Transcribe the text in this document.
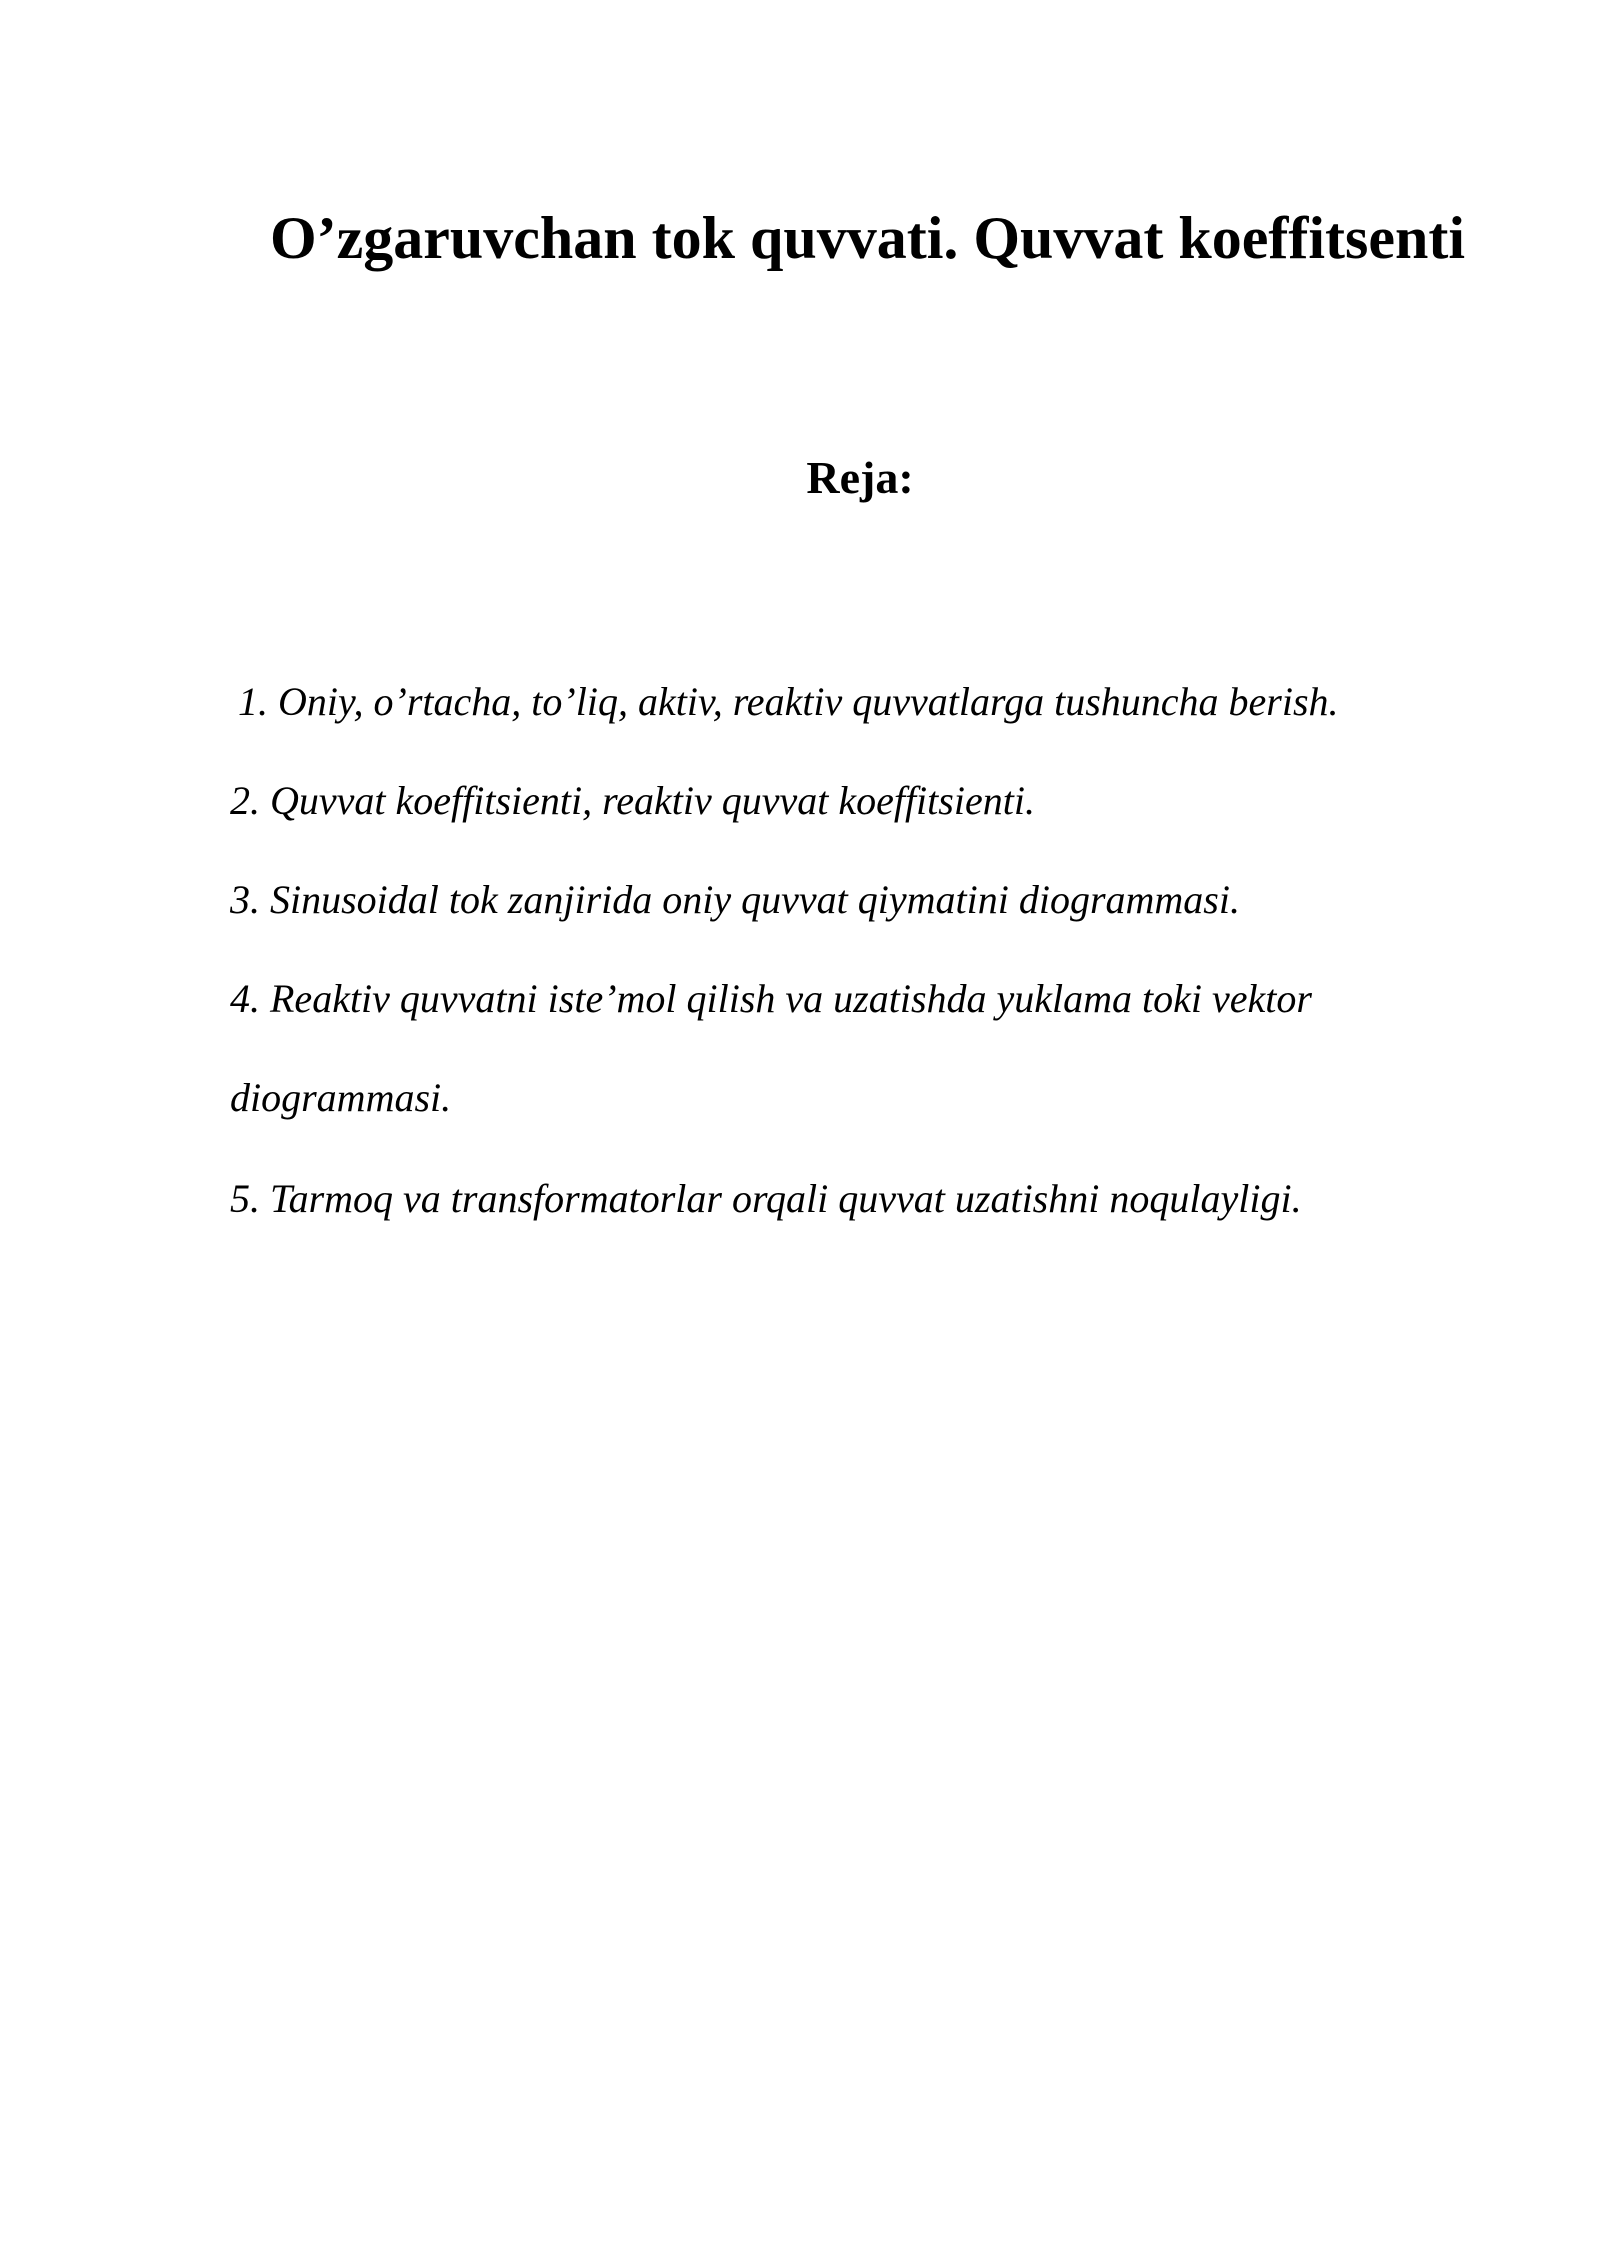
O’zgaruvchan tok quvvati. Quvvat koeffitsenti
Reja:

1. Oniy, o’rtacha, to’liq, aktiv, reaktiv quvvatlarga tushuncha berish.

2. Quvvat koeffitsienti, reaktiv quvvat koeffitsienti.

3. Sinusoidal tok zanjirida oniy quvvat qiymatini diogrammasi.

4. Reaktiv quvvatni iste’mol qilish va uzatishda yuklama toki vektor

diogrammasi.

5. Tarmoq va transformatorlar orqali quvvat uzatishni noqulayligi.
